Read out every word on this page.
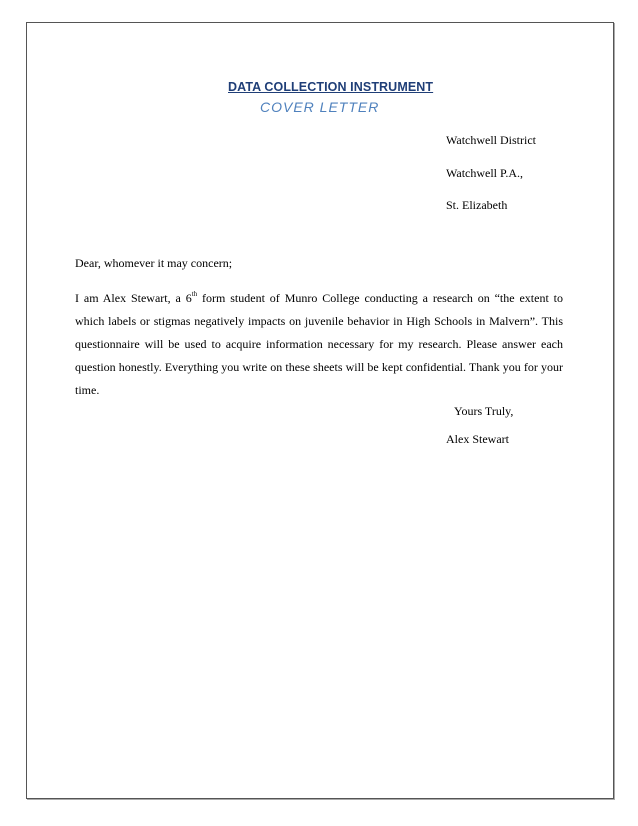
DATA COLLECTION INSTRUMENT
COVER LETTER
Watchwell District
Watchwell P.A.,
St. Elizabeth
Dear, whomever it may concern;
I am Alex Stewart, a 6th form student of Munro College conducting a research on “the extent to which labels or stigmas negatively impacts on juvenile behavior in High Schools in Malvern”. This questionnaire will be used to acquire information necessary for my research. Please answer each question honestly. Everything you write on these sheets will be kept confidential. Thank you for your time.
Yours Truly,
Alex Stewart
